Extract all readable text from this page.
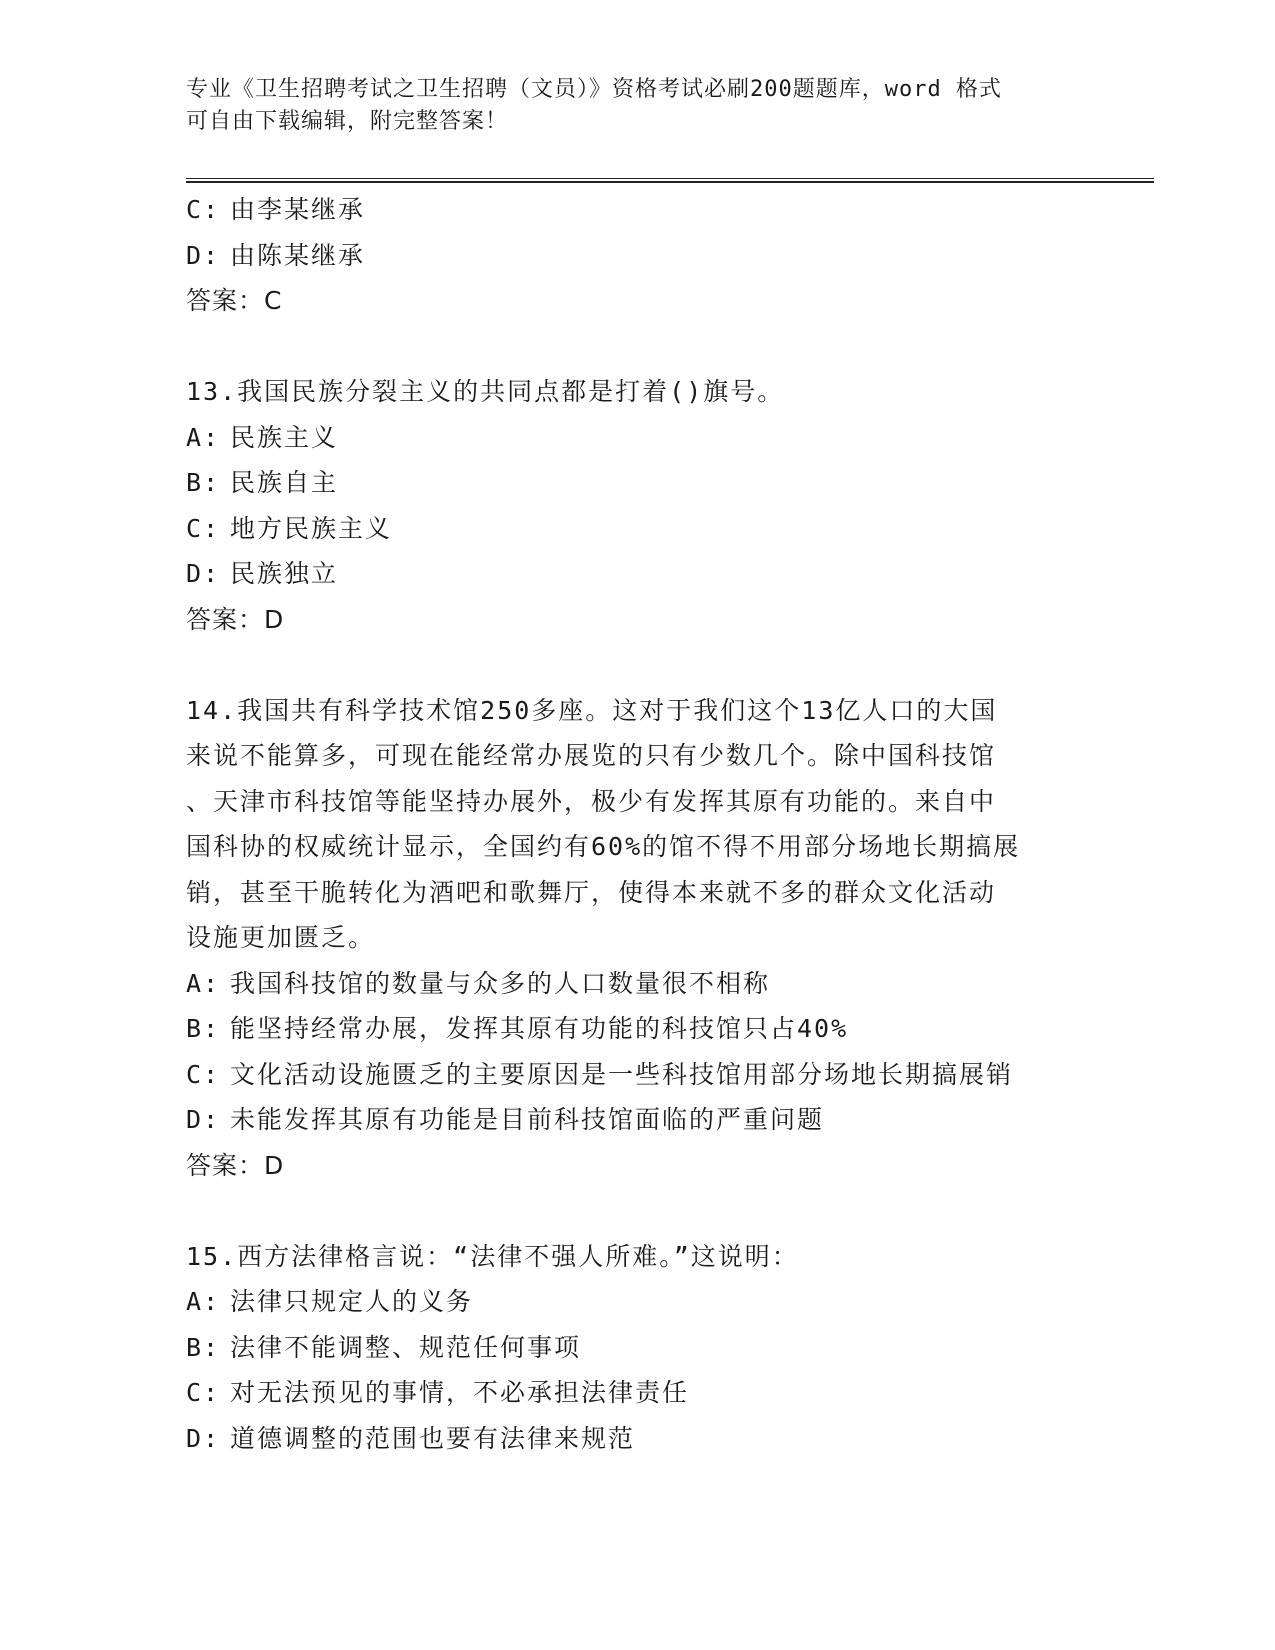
专业《卫生招聘考试之卫生招聘（文员）》资格考试必刷200题题库，word 格式
可自由下载编辑，附完整答案！
C: 由李某继承
D: 由陈某继承
答案：C
13.我国民族分裂主义的共同点都是打着()旗号。
A: 民族主义
B: 民族自主
C: 地方民族主义
D: 民族独立
答案：D
14.我国共有科学技术馆250多座。这对于我们这个13亿人口的大国
来说不能算多，可现在能经常办展览的只有少数几个。除中国科技馆
、天津市科技馆等能坚持办展外，极少有发挥其原有功能的。来自中
国科协的权威统计显示，全国约有60%的馆不得不用部分场地长期搞展
销，甚至干脆转化为酒吧和歌舞厅，使得本来就不多的群众文化活动
设施更加匮乏。
A: 我国科技馆的数量与众多的人口数量很不相称
B: 能坚持经常办展，发挥其原有功能的科技馆只占40%
C: 文化活动设施匮乏的主要原因是一些科技馆用部分场地长期搞展销
D: 未能发挥其原有功能是目前科技馆面临的严重问题
答案：D
15.西方法律格言说：“法律不强人所难。”这说明：
A: 法律只规定人的义务
B: 法律不能调整、规范任何事项
C: 对无法预见的事情，不必承担法律责任
D: 道德调整的范围也要有法律来规范
